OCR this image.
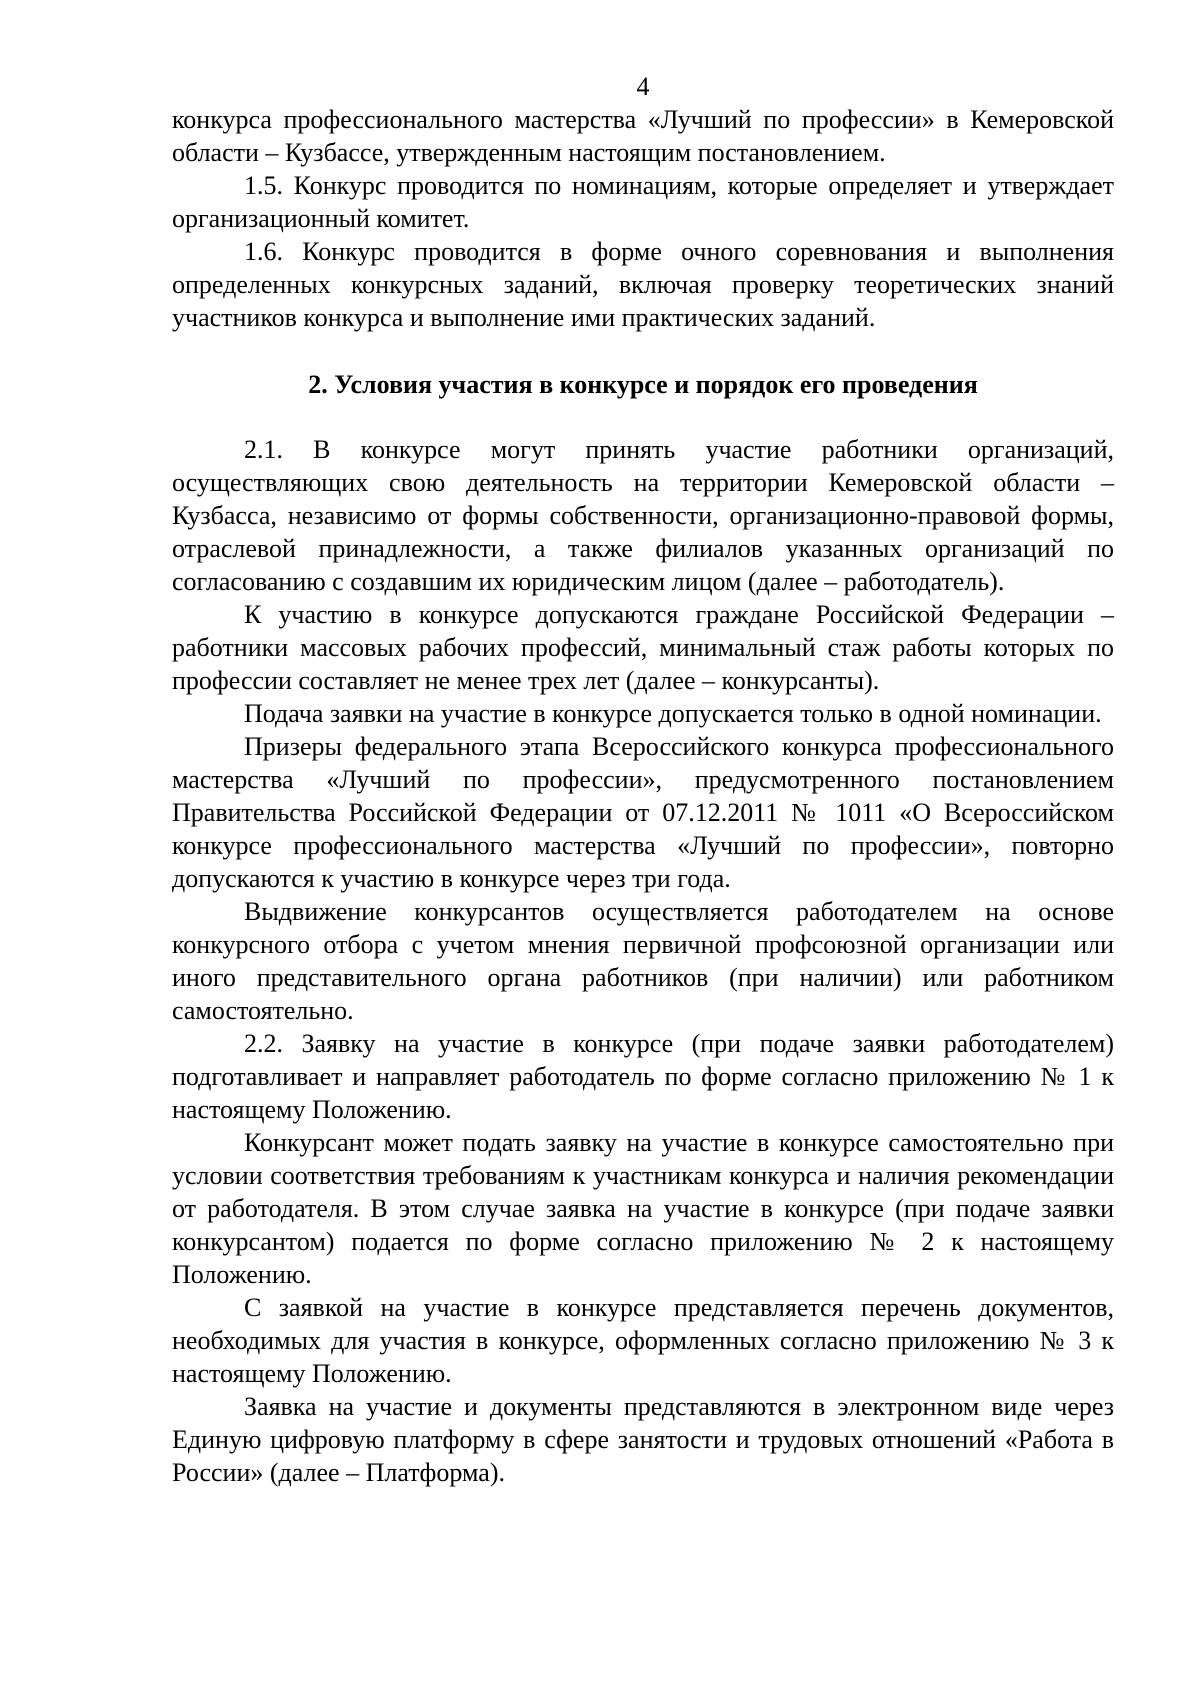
4

конкурса профессионального мастерства «Лучший по профессии» в Кемеровской области – Кузбассе, утвержденным настоящим постановлением.

1.5. Конкурс проводится по номинациям, которые определяет и утверждает организационный комитет.

1.6. Конкурс проводится в форме очного соревнования и выполнения определенных конкурсных заданий, включая проверку теоретических знаний участников конкурса и выполнение ими практических заданий.

2. Условия участия в конкурсе и порядок его проведения

2.1. В конкурсе могут принять участие работники организаций, осуществляющих свою деятельность на территории Кемеровской области – Кузбасса, независимо от формы собственности, организационно-правовой формы, отраслевой принадлежности, а также филиалов указанных организаций по согласованию с создавшим их юридическим лицом (далее – работодатель).

К участию в конкурсе допускаются граждане Российской Федерации – работники массовых рабочих профессий, минимальный стаж работы которых по профессии составляет не менее трех лет (далее – конкурсанты).

Подача заявки на участие в конкурсе допускается только в одной номинации.

Призеры федерального этапа Всероссийского конкурса профессионального мастерства «Лучший по профессии», предусмотренного постановлением Правительства Российской Федерации от 07.12.2011 № 1011 «О Всероссийском конкурсе профессионального мастерства «Лучший по профессии», повторно допускаются к участию в конкурсе через три года.

Выдвижение конкурсантов осуществляется работодателем на основе конкурсного отбора с учетом мнения первичной профсоюзной организации или иного представительного органа работников (при наличии) или работником самостоятельно.

2.2. Заявку на участие в конкурсе (при подаче заявки работодателем) подготавливает и направляет работодатель по форме согласно приложению № 1 к настоящему Положению.

Конкурсант может подать заявку на участие в конкурсе самостоятельно при условии соответствия требованиям к участникам конкурса и наличия рекомендации от работодателя. В этом случае заявка на участие в конкурсе (при подаче заявки конкурсантом) подается по форме согласно приложению № 2 к настоящему Положению.

С заявкой на участие в конкурсе представляется перечень документов, необходимых для участия в конкурсе, оформленных согласно приложению № 3 к настоящему Положению.

Заявка на участие и документы представляются в электронном виде через Единую цифровую платформу в сфере занятости и трудовых отношений «Работа в России» (далее – Платформа).
